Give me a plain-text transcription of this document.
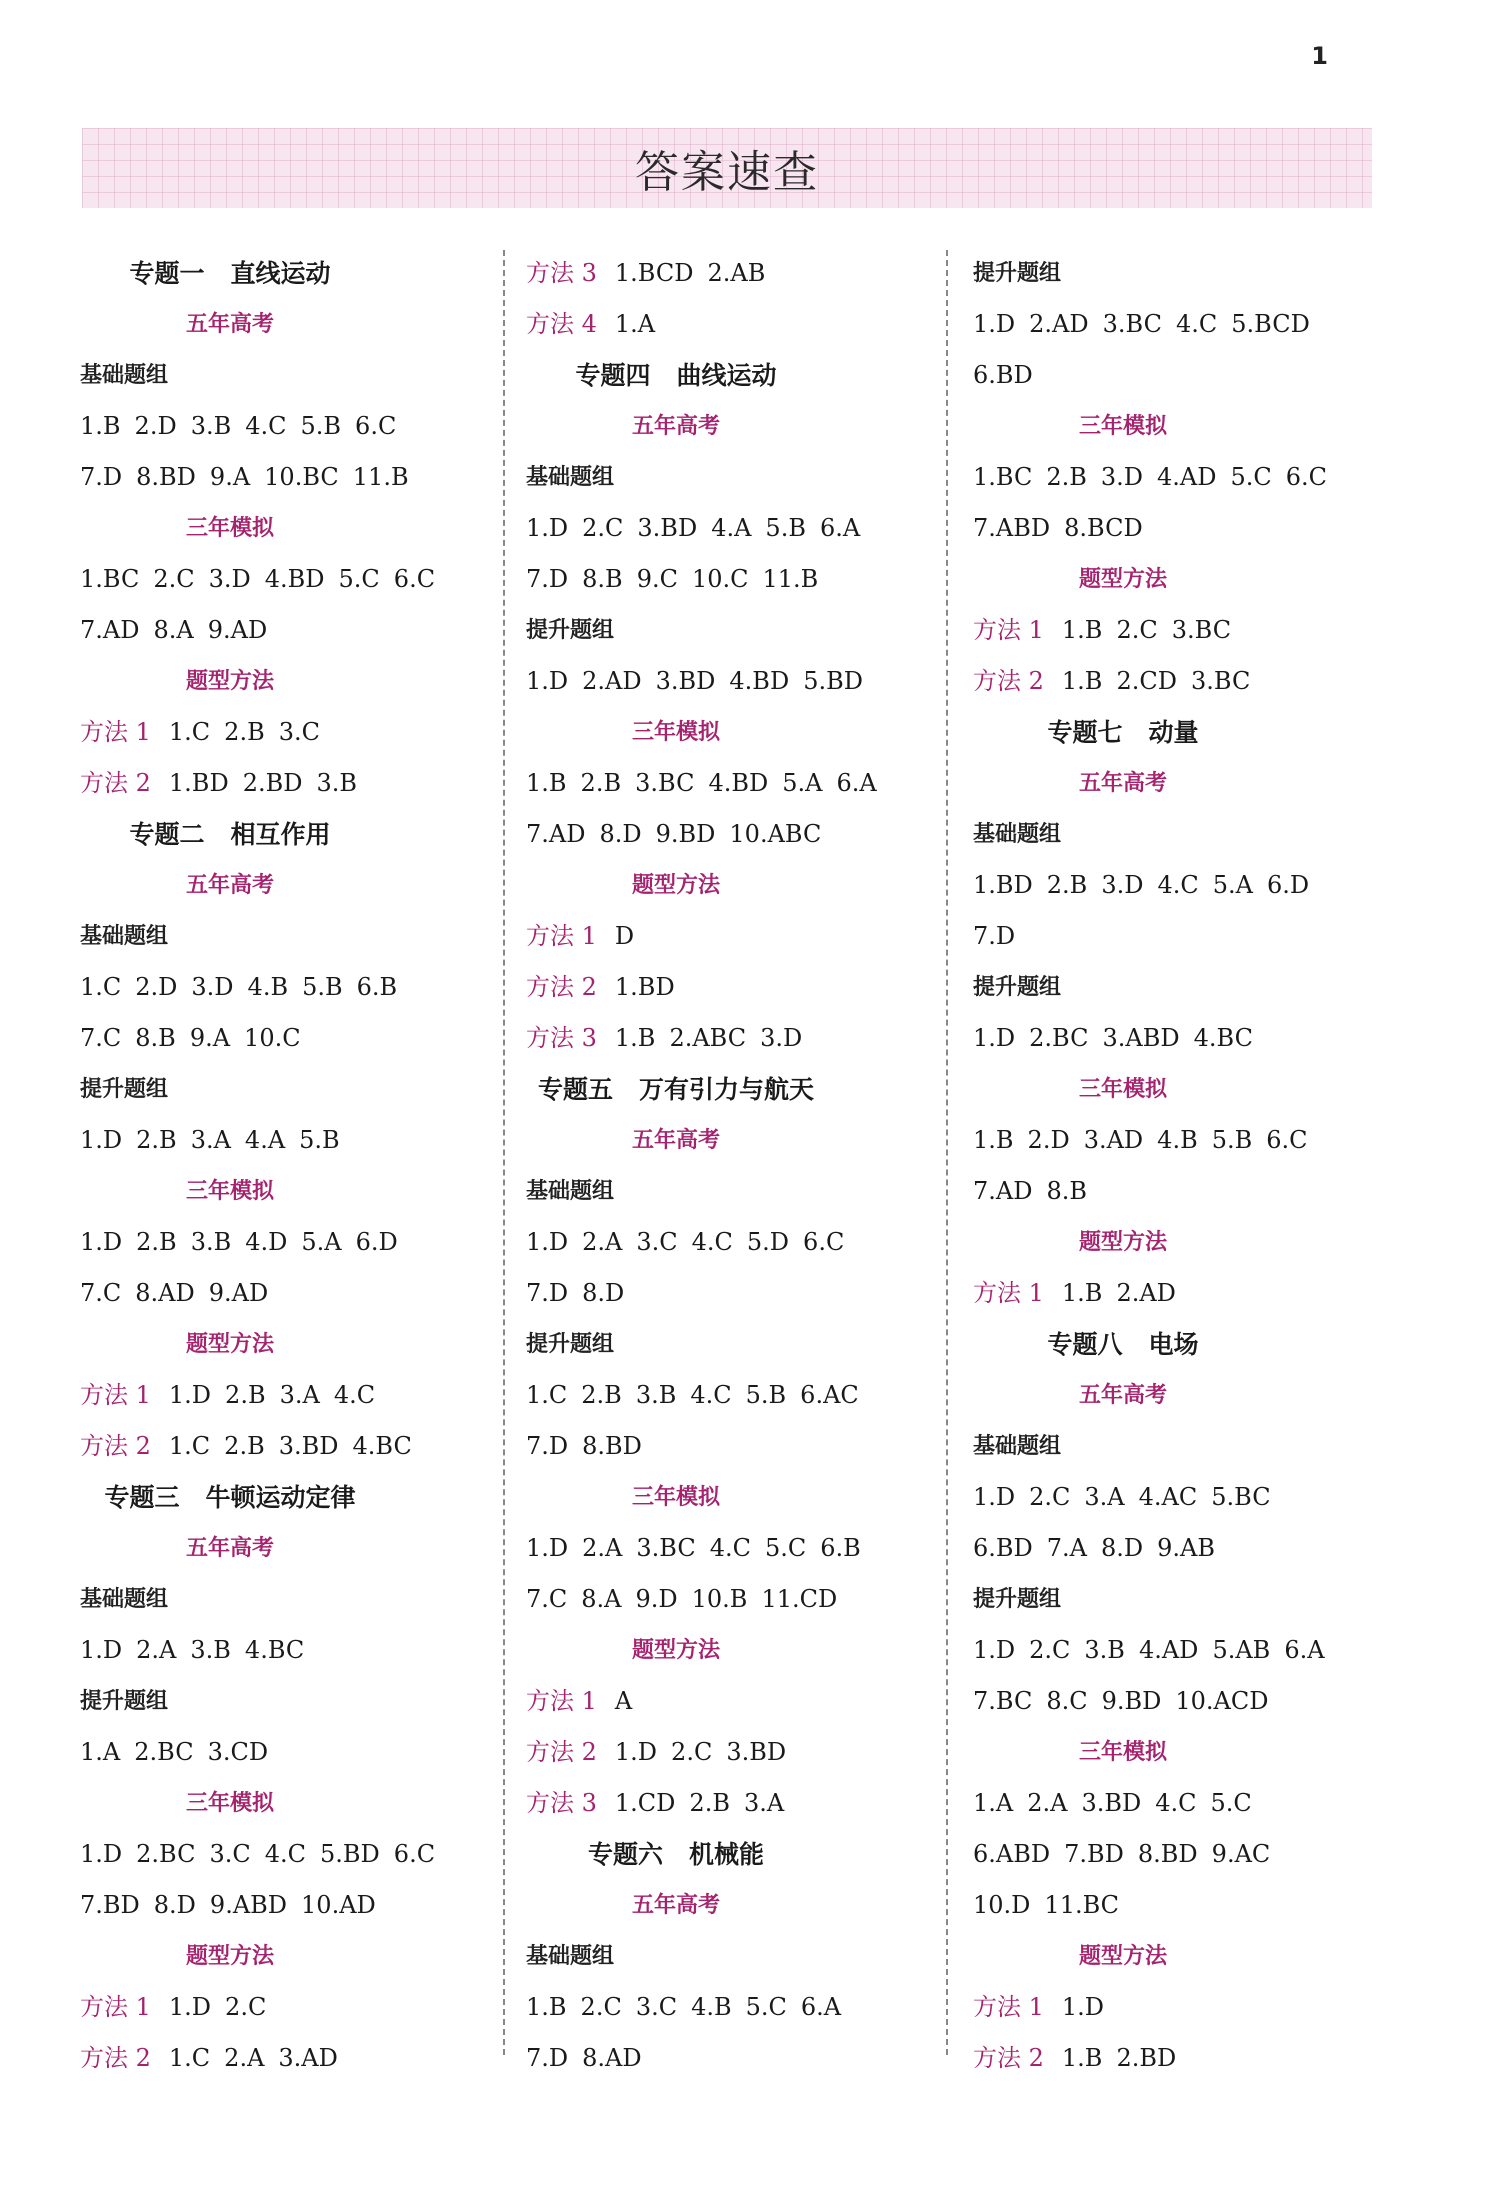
1
答案速查
专题一 直线运动
五年高考
基础题组
1.B 2.D 3.B 4.C 5.B 6.C
7.D 8.BD 9.A 10.BC 11.B
三年模拟
1.BC 2.C 3.D 4.BD 5.C 6.C
7.AD 8.A 9.AD
题型方法
方法 1 1.C 2.B 3.C
方法 2 1.BD 2.BD 3.B
专题二 相互作用
五年高考
基础题组
1.C 2.D 3.D 4.B 5.B 6.B
7.C 8.B 9.A 10.C
提升题组
1.D 2.B 3.A 4.A 5.B
三年模拟
1.D 2.B 3.B 4.D 5.A 6.D
7.C 8.AD 9.AD
题型方法
方法 1 1.D 2.B 3.A 4.C
方法 2 1.C 2.B 3.BD 4.BC
专题三 牛顿运动定律
五年高考
基础题组
1.D 2.A 3.B 4.BC
提升题组
1.A 2.BC 3.CD
三年模拟
1.D 2.BC 3.C 4.C 5.BD 6.C
7.BD 8.D 9.ABD 10.AD
题型方法
方法 1 1.D 2.C
方法 2 1.C 2.A 3.AD
方法 3 1.BCD 2.AB
方法 4 1.A
专题四 曲线运动
五年高考
基础题组
1.D 2.C 3.BD 4.A 5.B 6.A
7.D 8.B 9.C 10.C 11.B
提升题组
1.D 2.AD 3.BD 4.BD 5.BD
三年模拟
1.B 2.B 3.BC 4.BD 5.A 6.A
7.AD 8.D 9.BD 10.ABC
题型方法
方法 1 D
方法 2 1.BD
方法 3 1.B 2.ABC 3.D
专题五 万有引力与航天
五年高考
基础题组
1.D 2.A 3.C 4.C 5.D 6.C
7.D 8.D
提升题组
1.C 2.B 3.B 4.C 5.B 6.AC
7.D 8.BD
三年模拟
1.D 2.A 3.BC 4.C 5.C 6.B
7.C 8.A 9.D 10.B 11.CD
题型方法
方法 1 A
方法 2 1.D 2.C 3.BD
方法 3 1.CD 2.B 3.A
专题六 机械能
五年高考
基础题组
1.B 2.C 3.C 4.B 5.C 6.A
7.D 8.AD
提升题组
1.D 2.AD 3.BC 4.C 5.BCD
6.BD
三年模拟
1.BC 2.B 3.D 4.AD 5.C 6.C
7.ABD 8.BCD
题型方法
方法 1 1.B 2.C 3.BC
方法 2 1.B 2.CD 3.BC
专题七 动量
五年高考
基础题组
1.BD 2.B 3.D 4.C 5.A 6.D
7.D
提升题组
1.D 2.BC 3.ABD 4.BC
三年模拟
1.B 2.D 3.AD 4.B 5.B 6.C
7.AD 8.B
题型方法
方法 1 1.B 2.AD
专题八 电场
五年高考
基础题组
1.D 2.C 3.A 4.AC 5.BC
6.BD 7.A 8.D 9.AB
提升题组
1.D 2.C 3.B 4.AD 5.AB 6.A
7.BC 8.C 9.BD 10.ACD
三年模拟
1.A 2.A 3.BD 4.C 5.C
6.ABD 7.BD 8.BD 9.AC
10.D 11.BC
题型方法
方法 1 1.D
方法 2 1.B 2.BD
